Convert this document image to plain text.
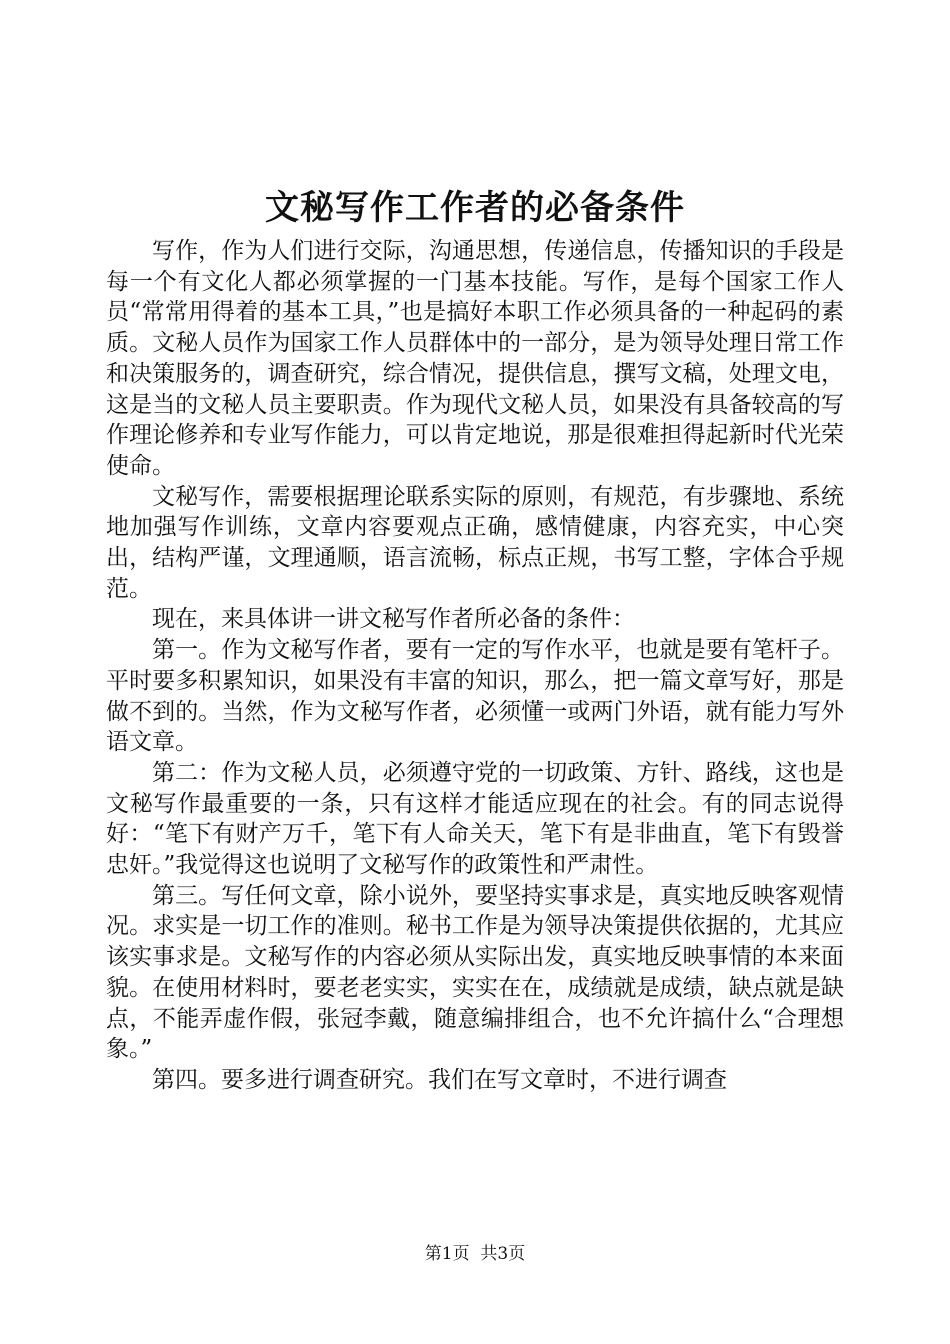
文秘写作工作者的必备条件

写作，作为人们进行交际，沟通思想，传递信息，传播知识的手段是每一个有文化人都必须掌握的一门基本技能。写作，是每个国家工作人员“常常用得着的基本工具，”也是搞好本职工作必须具备的一种起码的素质。文秘人员作为国家工作人员群体中的一部分，是为领导处理日常工作和决策服务的，调查研究，综合情况，提供信息，撰写文稿，处理文电，这是当的文秘人员主要职责。作为现代文秘人员，如果没有具备较高的写作理论修养和专业写作能力，可以肯定地说，那是很难担得起新时代光荣使命。

文秘写作，需要根据理论联系实际的原则，有规范，有步骤地、系统地加强写作训练，文章内容要观点正确，感情健康，内容充实，中心突出，结构严谨，文理通顺，语言流畅，标点正规，书写工整，字体合乎规范。

现在，来具体讲一讲文秘写作者所必备的条件：

第一。作为文秘写作者，要有一定的写作水平，也就是要有笔杆子。平时要多积累知识，如果没有丰富的知识，那么，把一篇文章写好，那是做不到的。当然，作为文秘写作者，必须懂一或两门外语，就有能力写外语文章。

第二：作为文秘人员，必须遵守党的一切政策、方针、路线，这也是文秘写作最重要的一条，只有这样才能适应现在的社会。有的同志说得好：“笔下有财产万千，笔下有人命关天，笔下有是非曲直，笔下有毁誉忠奸。”我觉得这也说明了文秘写作的政策性和严肃性。

第三。写任何文章，除小说外，要坚持实事求是，真实地反映客观情况。求实是一切工作的准则。秘书工作是为领导决策提供依据的，尤其应该实事求是。文秘写作的内容必须从实际出发，真实地反映事情的本来面貌。在使用材料时，要老老实实，实实在在，成绩就是成绩，缺点就是缺点，不能弄虚作假，张冠李戴，随意编排组合，也不允许搞什么“合理想象。”

第四。要多进行调查研究。我们在写文章时，不进行调查

第1页 共3页
